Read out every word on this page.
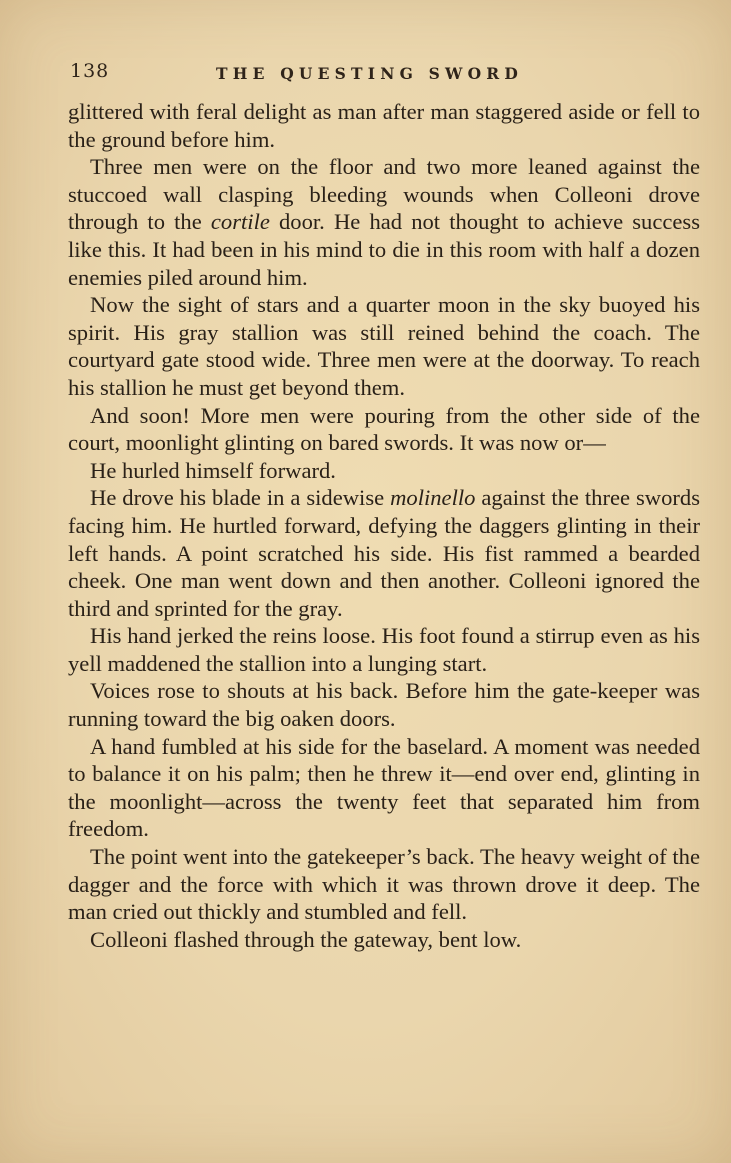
138	THE QUESTING SWORD

glittered with feral delight as man after man staggered aside or fell to the ground before him.

Three men were on the floor and two more leaned against the stuccoed wall clasping bleeding wounds when Colleoni drove through to the cortile door. He had not thought to achieve success like this. It had been in his mind to die in this room with half a dozen enemies piled around him.

Now the sight of stars and a quarter moon in the sky buoyed his spirit. His gray stallion was still reined behind the coach. The courtyard gate stood wide. Three men were at the doorway. To reach his stallion he must get beyond them.

And soon! More men were pouring from the other side of the court, moonlight glinting on bared swords. It was now or—

He hurled himself forward.

He drove his blade in a sidewise molinello against the three swords facing him. He hurtled forward, defying the daggers glinting in their left hands. A point scratched his side. His fist rammed a bearded cheek. One man went down and then another. Colleoni ignored the third and sprinted for the gray.

His hand jerked the reins loose. His foot found a stirrup even as his yell maddened the stallion into a lunging start.

Voices rose to shouts at his back. Before him the gate-keeper was running toward the big oaken doors.

A hand fumbled at his side for the baselard. A moment was needed to balance it on his palm; then he threw it—end over end, glinting in the moonlight—across the twenty feet that separated him from freedom.

The point went into the gatekeeper’s back. The heavy weight of the dagger and the force with which it was thrown drove it deep. The man cried out thickly and stumbled and fell.

Colleoni flashed through the gateway, bent low.
